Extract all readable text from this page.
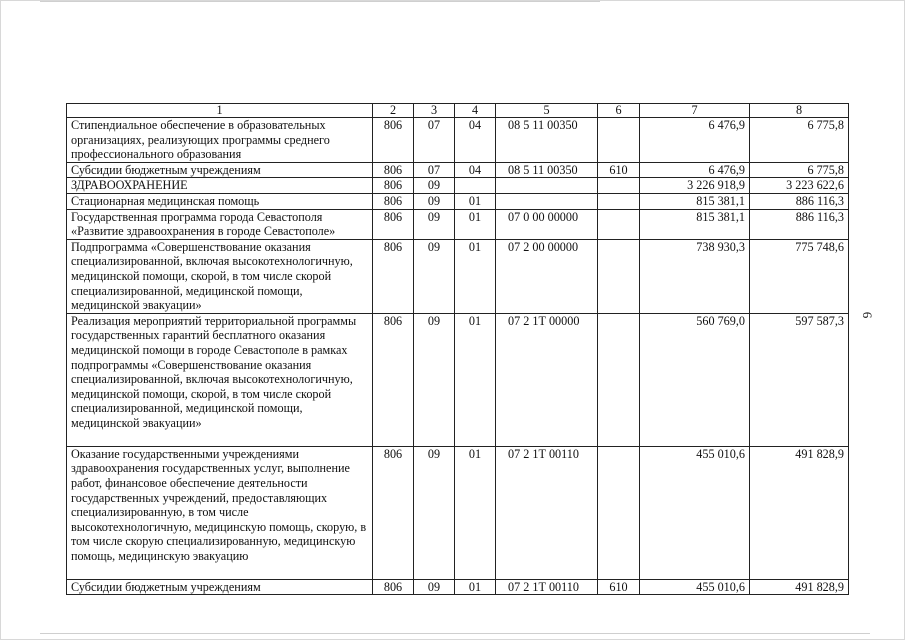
6
1	2	3	4	5	6	7	8
Стипендиальное обеспечение в образовательных организациях, реализующих программы среднего профессионального образования	806	07	04	08 5 11 00350		6 476,9	6 775,8
Субсидии бюджетным учреждениям	806	07	04	08 5 11 00350	610	6 476,9	6 775,8
ЗДРАВООХРАНЕНИЕ	806	09				3 226 918,9	3 223 622,6
Стационарная медицинская помощь	806	09	01			815 381,1	886 116,3
Государственная программа города Севастополя «Развитие здравоохранения в городе Севастополе»	806	09	01	07 0 00 00000		815 381,1	886 116,3
Подпрограмма «Совершенствование оказания специализированной, включая высокотехнологичную, медицинской помощи, скорой, в том числе скорой специализированной, медицинской помощи, медицинской эвакуации»	806	09	01	07 2 00 00000		738 930,3	775 748,6
Реализация мероприятий территориальной программы государственных гарантий бесплатного оказания медицинской помощи в городе Севастополе в рамках подпрограммы «Совершенствование оказания специализированной, включая высокотехнологичную, медицинской помощи, скорой, в том числе скорой специализированной, медицинской помощи, медицинской эвакуации»	806	09	01	07 2 1Т 00000		560 769,0	597 587,3
Оказание государственными учреждениями здравоохранения государственных услуг, выполнение работ, финансовое обеспечение деятельности государственных учреждений, предоставляющих специализированную, в том числе высокотехнологичную, медицинскую помощь, скорую, в том числе скорую специализированную, медицинскую помощь, медицинскую эвакуацию	806	09	01	07 2 1Т 00110		455 010,6	491 828,9
Субсидии бюджетным учреждениям	806	09	01	07 2 1Т 00110	610	455 010,6	491 828,9
